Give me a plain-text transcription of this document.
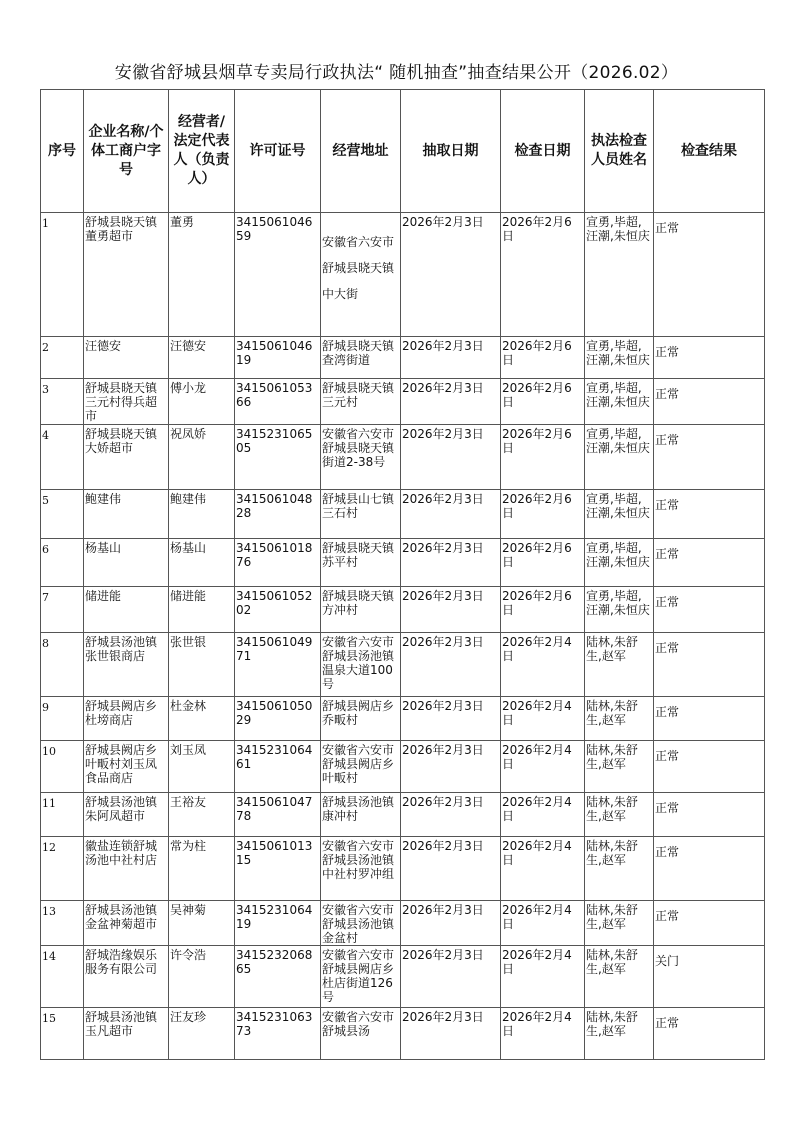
安徽省舒城县烟草专卖局行政执法“ 随机抽查”抽查结果公开（2026.02）
序号	企业名称/个体工商户字号	经营者/法定代表人（负责人）	许可证号	经营地址	抽取日期	检查日期	执法检查人员姓名	检查结果
1	舒城县晓天镇董勇超市	董勇	341506104659	安徽省六安市舒城县晓天镇中大街	2026年2月3日	2026年2月6日	宣勇,毕超,汪潮,朱恒庆	正常
2	汪德安	汪德安	341506104619	舒城县晓天镇查湾街道	2026年2月3日	2026年2月6日	宣勇,毕超,汪潮,朱恒庆	正常
3	舒城县晓天镇三元村得兵超市	傅小龙	341506105366	舒城县晓天镇三元村	2026年2月3日	2026年2月6日	宣勇,毕超,汪潮,朱恒庆	正常
4	舒城县晓天镇大娇超市	祝凤娇	341523106505	安徽省六安市舒城县晓天镇街道2-38号	2026年2月3日	2026年2月6日	宣勇,毕超,汪潮,朱恒庆	正常
5	鲍建伟	鲍建伟	341506104828	舒城县山七镇三石村	2026年2月3日	2026年2月6日	宣勇,毕超,汪潮,朱恒庆	正常
6	杨基山	杨基山	341506101876	舒城县晓天镇苏平村	2026年2月3日	2026年2月6日	宣勇,毕超,汪潮,朱恒庆	正常
7	储进能	储进能	341506105202	舒城县晓天镇方冲村	2026年2月3日	2026年2月6日	宣勇,毕超,汪潮,朱恒庆	正常
8	舒城县汤池镇张世银商店	张世银	341506104971	安徽省六安市舒城县汤池镇温泉大道100号	2026年2月3日	2026年2月4日	陆林,朱舒生,赵军	正常
9	舒城县阙店乡杜塝商店	杜金林	341506105029	舒城县阙店乡乔畈村	2026年2月3日	2026年2月4日	陆林,朱舒生,赵军	正常
10	舒城县阙店乡叶畈村刘玉凤食品商店	刘玉凤	341523106461	安徽省六安市舒城县阙店乡叶畈村	2026年2月3日	2026年2月4日	陆林,朱舒生,赵军	正常
11	舒城县汤池镇朱阿凤超市	王裕友	341506104778	舒城县汤池镇康冲村	2026年2月3日	2026年2月4日	陆林,朱舒生,赵军	正常
12	徽盐连锁舒城汤池中社村店	常为柱	341506101315	安徽省六安市舒城县汤池镇中社村罗冲组	2026年2月3日	2026年2月4日	陆林,朱舒生,赵军	正常
13	舒城县汤池镇金盆神菊超市	吴神菊	341523106419	安徽省六安市舒城县汤池镇金盆村	2026年2月3日	2026年2月4日	陆林,朱舒生,赵军	正常
14	舒城浩缘娱乐服务有限公司	许令浩	341523206865	安徽省六安市舒城县阙店乡杜店街道126号	2026年2月3日	2026年2月4日	陆林,朱舒生,赵军	关门
15	舒城县汤池镇玉凡超市	汪友珍	341523106373	安徽省六安市舒城县汤	2026年2月3日	2026年2月4日	陆林,朱舒生,赵军	正常
